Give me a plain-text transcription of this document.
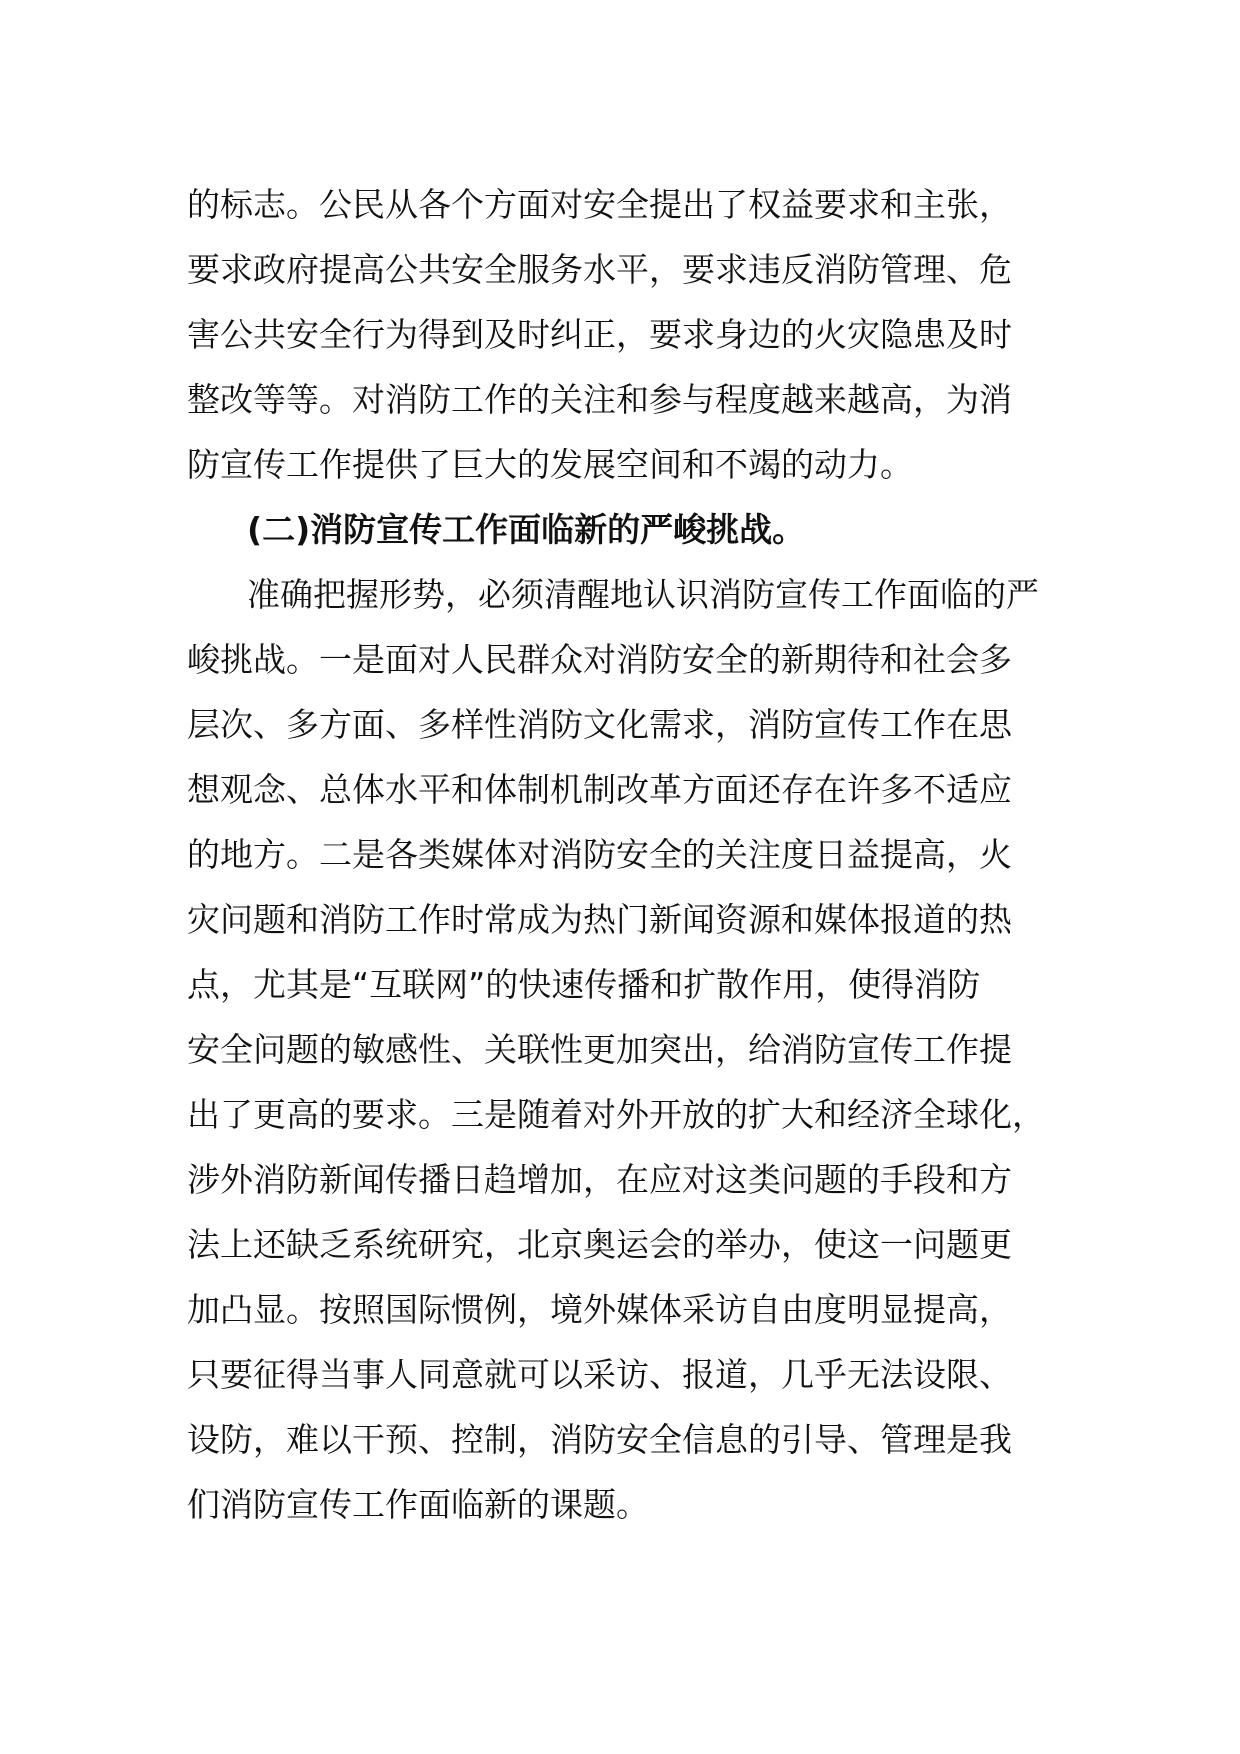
的标志。公民从各个方面对安全提出了权益要求和主张，
要求政府提高公共安全服务水平，要求违反消防管理、危
害公共安全行为得到及时纠正，要求身边的火灾隐患及时
整改等等。对消防工作的关注和参与程度越来越高，为消
防宣传工作提供了巨大的发展空间和不竭的动力。
(二)消防宣传工作面临新的严峻挑战。
准确把握形势，必须清醒地认识消防宣传工作面临的严
峻挑战。一是面对人民群众对消防安全的新期待和社会多
层次、多方面、多样性消防文化需求，消防宣传工作在思
想观念、总体水平和体制机制改革方面还存在许多不适应
的地方。二是各类媒体对消防安全的关注度日益提高，火
灾问题和消防工作时常成为热门新闻资源和媒体报道的热
点，尤其是“互联网”的快速传播和扩散作用，使得消防
安全问题的敏感性、关联性更加突出，给消防宣传工作提
出了更高的要求。三是随着对外开放的扩大和经济全球化，
涉外消防新闻传播日趋增加，在应对这类问题的手段和方
法上还缺乏系统研究，北京奥运会的举办，使这一问题更
加凸显。按照国际惯例，境外媒体采访自由度明显提高，
只要征得当事人同意就可以采访、报道，几乎无法设限、
设防，难以干预、控制，消防安全信息的引导、管理是我
们消防宣传工作面临新的课题。
